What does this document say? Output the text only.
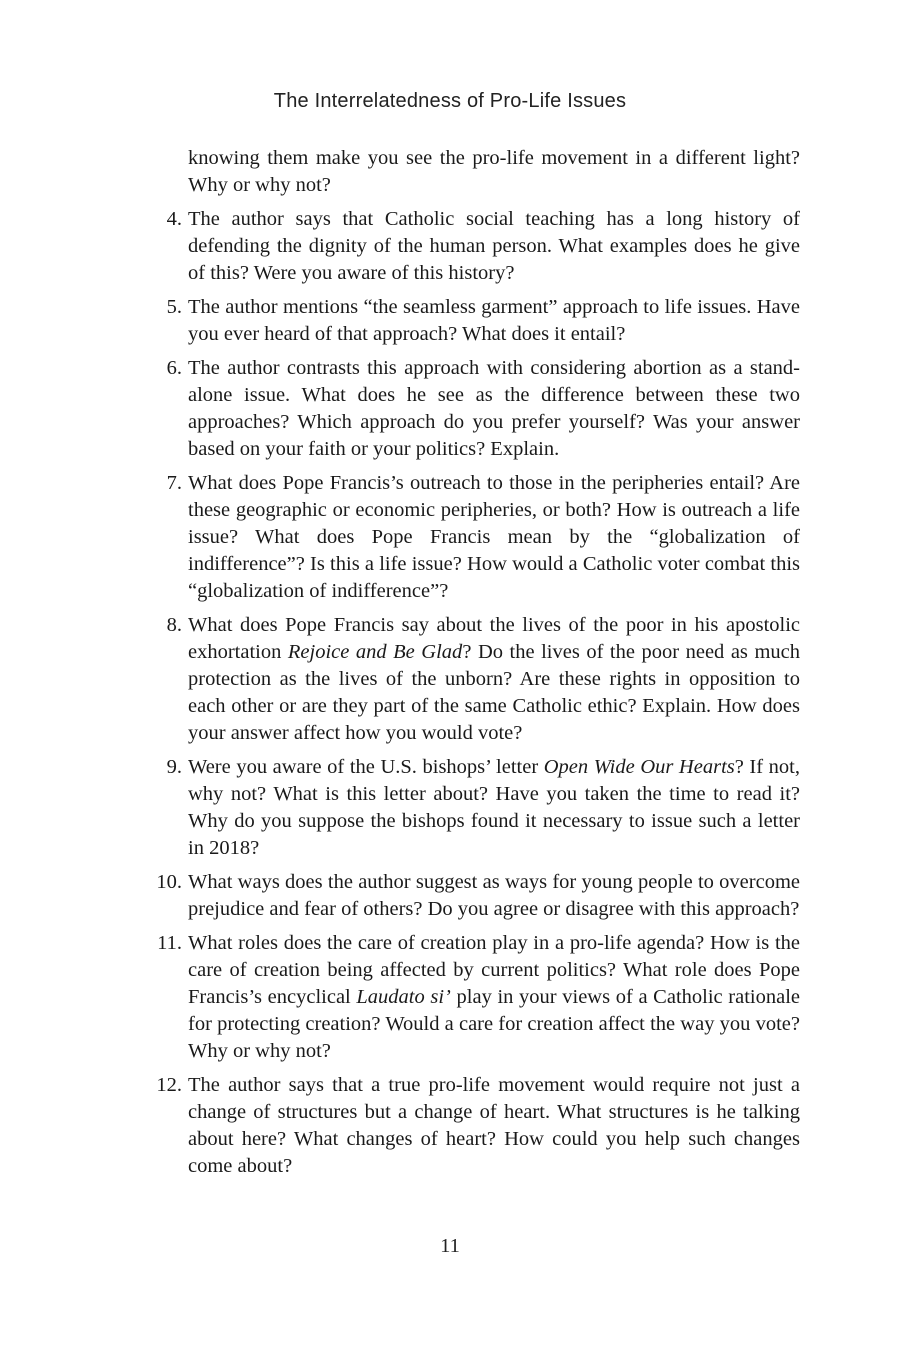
The Interrelatedness of Pro-Life Issues

knowing them make you see the pro-life movement in a different light? Why or why not?

4. The author says that Catholic social teaching has a long history of defending the dignity of the human person. What examples does he give of this? Were you aware of this history?
5. The author mentions “the seamless garment” approach to life issues. Have you ever heard of that approach? What does it entail?
6. The author contrasts this approach with considering abortion as a stand-alone issue. What does he see as the difference between these two approaches? Which approach do you prefer yourself? Was your answer based on your faith or your politics? Explain.
7. What does Pope Francis’s outreach to those in the peripheries entail? Are these geographic or economic peripheries, or both? How is outreach a life issue? What does Pope Francis mean by the “globalization of indifference”? Is this a life issue? How would a Catholic voter combat this “globalization of indifference”?
8. What does Pope Francis say about the lives of the poor in his apostolic exhortation Rejoice and Be Glad? Do the lives of the poor need as much protection as the lives of the unborn? Are these rights in opposition to each other or are they part of the same Catholic ethic? Explain. How does your answer affect how you would vote?
9. Were you aware of the U.S. bishops’ letter Open Wide Our Hearts? If not, why not? What is this letter about? Have you taken the time to read it? Why do you suppose the bishops found it necessary to issue such a letter in 2018?
10. What ways does the author suggest as ways for young people to overcome prejudice and fear of others? Do you agree or disagree with this approach?
11. What roles does the care of creation play in a pro-life agenda? How is the care of creation being affected by current politics? What role does Pope Francis’s encyclical Laudato si’ play in your views of a Catholic rationale for protecting creation? Would a care for creation affect the way you vote? Why or why not?
12. The author says that a true pro-life movement would require not just a change of structures but a change of heart. What structures is he talking about here? What changes of heart? How could you help such changes come about?
11
